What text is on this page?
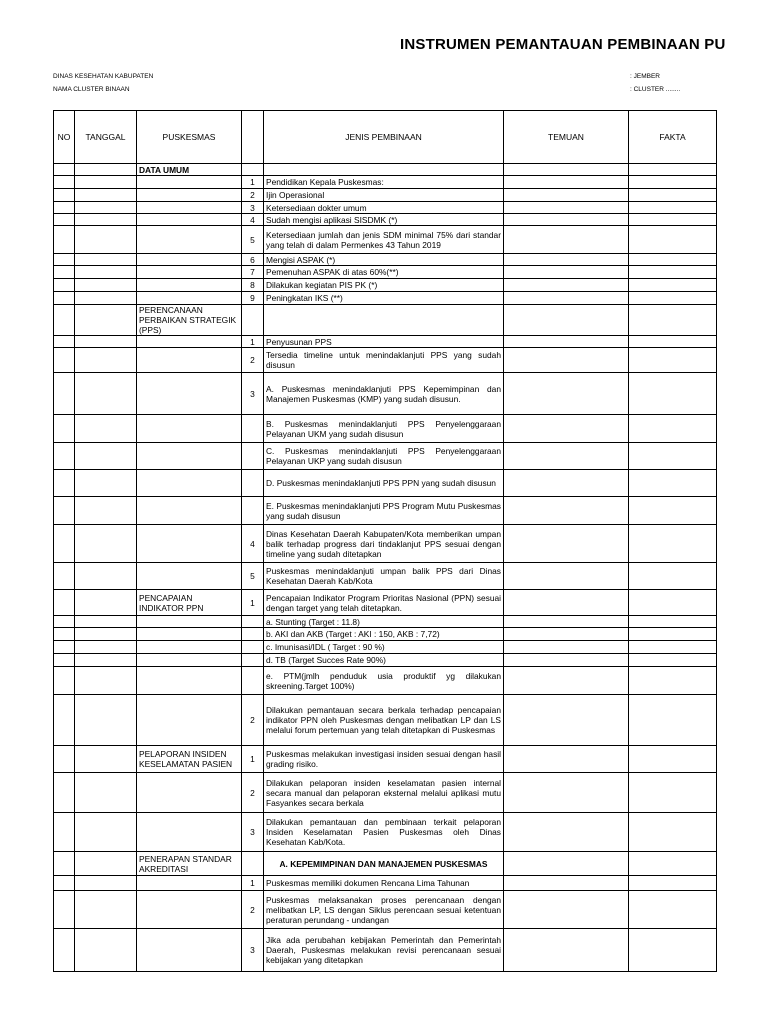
INSTRUMEN PEMANTAUAN PEMBINAAN PU
DINAS KESEHATAN KABUPATEN	: JEMBER
NAMA CLUSTER BINAAN	: CLUSTER ........
NO	TANGGAL	PUSKESMAS		JENIS PEMBINAAN	TEMUAN	FAKTA
		DATA UMUM				
			1	Pendidikan Kepala Puskesmas:		
			2	Ijin Operasional		
			3	Ketersediaan dokter umum		
			4	Sudah mengisi aplikasi SISDMK (*)		
			5	Ketersediaan jumlah dan jenis SDM minimal 75% dari standar yang telah di dalam Permenkes 43 Tahun 2019		
			6	Mengisi ASPAK (*)		
			7	Pemenuhan ASPAK di atas 60%(**)		
			8	Dilakukan kegiatan PIS PK (*)		
			9	Peningkatan IKS (**)		
		PERENCANAAN PERBAIKAN STRATEGIK (PPS)				
			1	Penyusunan PPS		
			2	Tersedia timeline untuk menindaklanjuti PPS yang sudah disusun		
			3	A. Puskesmas menindaklanjuti PPS Kepemimpinan dan Manajemen Puskesmas (KMP) yang sudah disusun.		
				B. Puskesmas menindaklanjuti PPS Penyelenggaraan Pelayanan UKM yang sudah disusun		
				C. Puskesmas menindaklanjuti PPS Penyelenggaraan Pelayanan UKP yang sudah disusun		
				D. Puskesmas menindaklanjuti PPS PPN yang sudah disusun		
				E. Puskesmas menindaklanjuti PPS Program Mutu Puskesmas yang sudah disusun		
			4	Dinas Kesehatan Daerah Kabupaten/Kota memberikan umpan balik terhadap progress dari tindaklanjut PPS sesuai dengan timeline yang sudah ditetapkan		
			5	Puskesmas menindaklanjuti umpan balik PPS dari Dinas Kesehatan Daerah Kab/Kota		
		PENCAPAIAN INDIKATOR PPN	1	Pencapaian Indikator Program Prioritas Nasional (PPN) sesuai dengan target yang telah ditetapkan.		
				a. Stunting (Target : 11.8)		
				b. AKI dan AKB (Target : AKI : 150, AKB : 7,72)		
				c. Imunisasi/IDL ( Target : 90 %)		
				d. TB (Target Succes Rate 90%)		
				e. PTM(jmlh penduduk usia produktif yg dilakukan skreening.Target 100%)		
			2	Dilakukan pemantauan secara berkala terhadap pencapaian indikator PPN oleh Puskesmas dengan melibatkan LP dan LS melalui forum pertemuan yang telah ditetapkan di Puskesmas		
		PELAPORAN INSIDEN KESELAMATAN PASIEN	1	Puskesmas melakukan investigasi insiden sesuai dengan hasil grading risiko.		
			2	Dilakukan pelaporan insiden keselamatan pasien internal secara manual dan pelaporan eksternal melalui aplikasi mutu Fasyankes secara berkala		
			3	Dilakukan pemantauan dan pembinaan terkait pelaporan Insiden Keselamatan Pasien Puskesmas oleh Dinas Kesehatan Kab/Kota.		
		PENERAPAN STANDAR AKREDITASI		A. KEPEMIMPINAN DAN MANAJEMEN PUSKESMAS		
			1	Puskesmas memiliki dokumen Rencana Lima Tahunan		
			2	Puskesmas melaksanakan proses perencanaan dengan melibatkan LP, LS dengan Siklus perencaan sesuai ketentuan peraturan perundang - undangan		
			3	Jika ada perubahan kebijakan Pemerintah dan Pemerintah Daerah, Puskesmas melakukan revisi perencanaan sesuai kebijakan yang ditetapkan		
